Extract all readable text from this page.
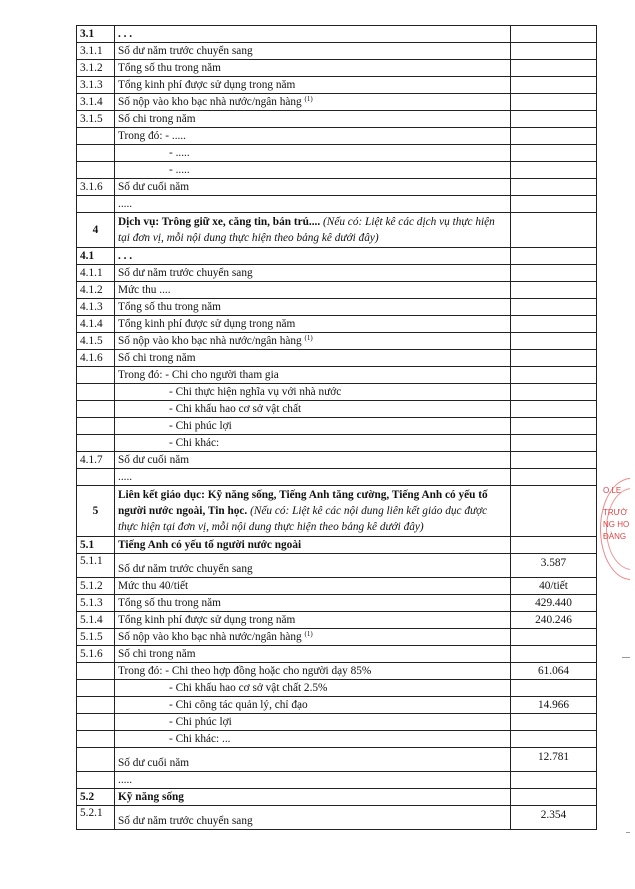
3.1	. . .	
3.1.1	Số dư năm trước chuyển sang	
3.1.2	Tổng số thu trong năm	
3.1.3	Tổng kinh phí được sử dụng trong năm	
3.1.4	Số nộp vào kho bạc nhà nước/ngân hàng $^{(1)}$	
3.1.5	Số chi trong năm	
	Trong đó: - .....	
	- .....	
	- .....	
3.1.6	Số dư cuối năm	
	.....	
4	Dịch vụ: Trông giữ xe, căng tin, bán trú.... (Nếu có: Liệt kê các dịch vụ thực hiện tại đơn vị, mỗi nội dung thực hiện theo bảng kê dưới đây)	
4.1	. . .	
4.1.1	Số dư năm trước chuyển sang	
4.1.2	Mức thu ....	
4.1.3	Tổng số thu trong năm	
4.1.4	Tổng kinh phí được sử dụng trong năm	
4.1.5	Số nộp vào kho bạc nhà nước/ngân hàng $^{(1)}$	
4.1.6	Số chi trong năm	
	Trong đó: - Chi cho người tham gia	
	- Chi thực hiện nghĩa vụ với nhà nước	
	- Chi khấu hao cơ sở vật chất	
	- Chi phúc lợi	
	- Chi khác:	
4.1.7	Số dư cuối năm	
	.....	
5	Liên kết giáo dục: Kỹ năng sống, Tiếng Anh tăng cường, Tiếng Anh có yếu tố người nước ngoài, Tin học. (Nếu có: Liệt kê các nội dung liên kết giáo dục được thực hiện tại đơn vị, mỗi nội dung thực hiện theo bảng kê dưới đây)	
5.1	Tiếng Anh có yếu tố người nước ngoài	
5.1.1	Số dư năm trước chuyển sang	3.587
5.1.2	Mức thu 40/tiết	40/tiết
5.1.3	Tổng số thu trong năm	429.440
5.1.4	Tổng kinh phí được sử dụng trong năm	240.246
5.1.5	Số nộp vào kho bạc nhà nước/ngân hàng $^{(1)}$	
5.1.6	Số chi trong năm	
	Trong đó: - Chi theo hợp đồng hoặc cho người dạy 85%	61.064
	- Chi khấu hao cơ sở vật chất 2.5%	
	- Chi công tác quản lý, chỉ đạo	14.966
	- Chi phúc lợi	
	- Chi khác: ...	
	Số dư cuối năm	12.781
	.....	
5.2	Kỹ năng sống	
5.2.1	Số dư năm trước chuyển sang	2.354
O.LE
TRƯỜ
NG HO
ĐÀNG
